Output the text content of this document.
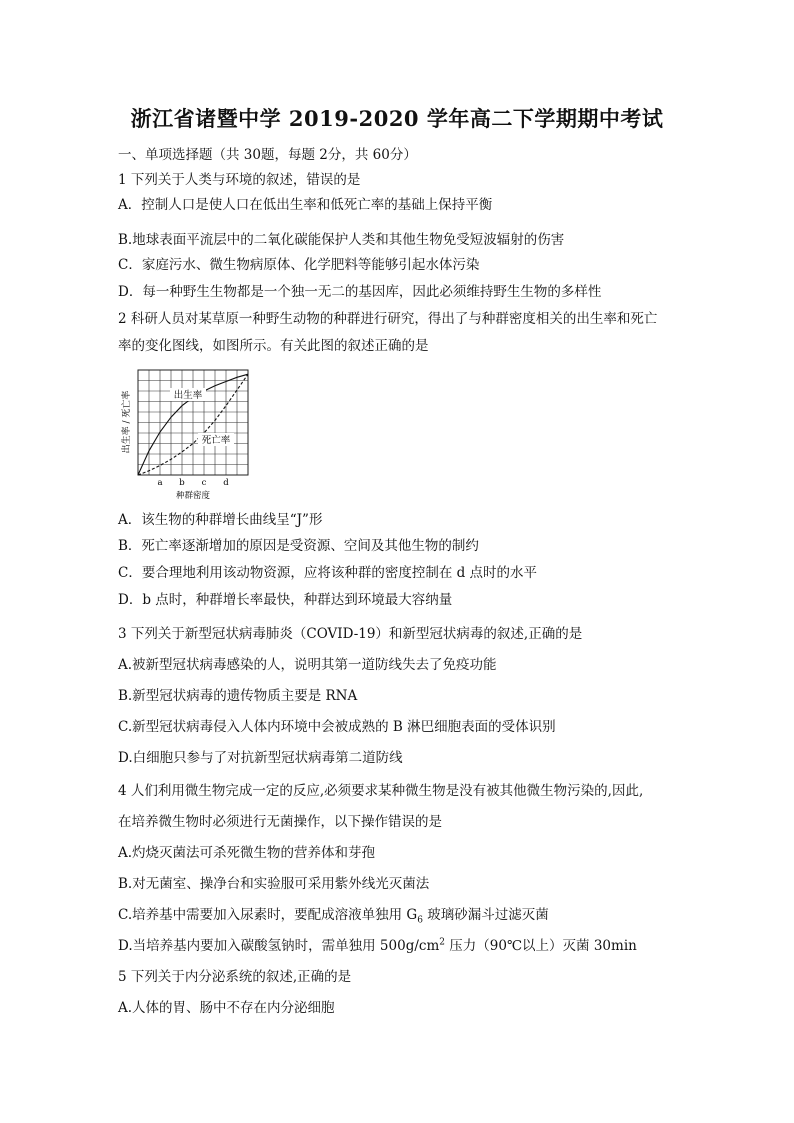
浙江省诸暨中学 2019-2020 学年高二下学期期中考试
一、单项选择题（共 30题，每题 2分，共 60分）
1 下列关于人类与环境的叙述，错误的是
A．控制人口是使人口在低出生率和低死亡率的基础上保持平衡
B.地球表面平流层中的二氧化碳能保护人类和其他生物免受短波辐射的伤害
C．家庭污水、微生物病原体、化学肥料等能够引起水体污染
D．每一种野生生物都是一个独一无二的基因库，因此必须维持野生生物的多样性
2 科研人员对某草原一种野生动物的种群进行研究，得出了与种群密度相关的出生率和死亡
率的变化图线，如图所示。有关此图的叙述正确的是
出生率
死亡率
a b c d
种群密度
出生率 / 死亡率
A．该生物的种群增长曲线呈“J”形
B．死亡率逐渐增加的原因是受资源、空间及其他生物的制约
C．要合理地利用该动物资源，应将该种群的密度控制在 d 点时的水平
D．b 点时，种群增长率最快，种群达到环境最大容纳量
3 下列关于新型冠状病毒肺炎（COVID-19）和新型冠状病毒的叙述,正确的是
A.被新型冠状病毒感染的人，说明其第一道防线失去了免疫功能
B.新型冠状病毒的遗传物质主要是 RNA
C.新型冠状病毒侵入人体内环境中会被成熟的 B 淋巴细胞表面的受体识别
D.白细胞只参与了对抗新型冠状病毒第二道防线
4 人们利用微生物完成一定的反应,必须要求某种微生物是没有被其他微生物污染的,因此,
在培养微生物时必须进行无菌操作，以下操作错误的是
A.灼烧灭菌法可杀死微生物的营养体和芽孢
B.对无菌室、操净台和实验服可采用紫外线光灭菌法
C.培养基中需要加入尿素时，要配成溶液单独用 $G_6$ 玻璃砂漏斗过滤灭菌
D.当培养基内要加入碳酸氢钠时，需单独用 $500g/cm^2$ 压力（90℃以上）灭菌 30min
5 下列关于内分泌系统的叙述,正确的是
A.人体的胃、肠中不存在内分泌细胞
